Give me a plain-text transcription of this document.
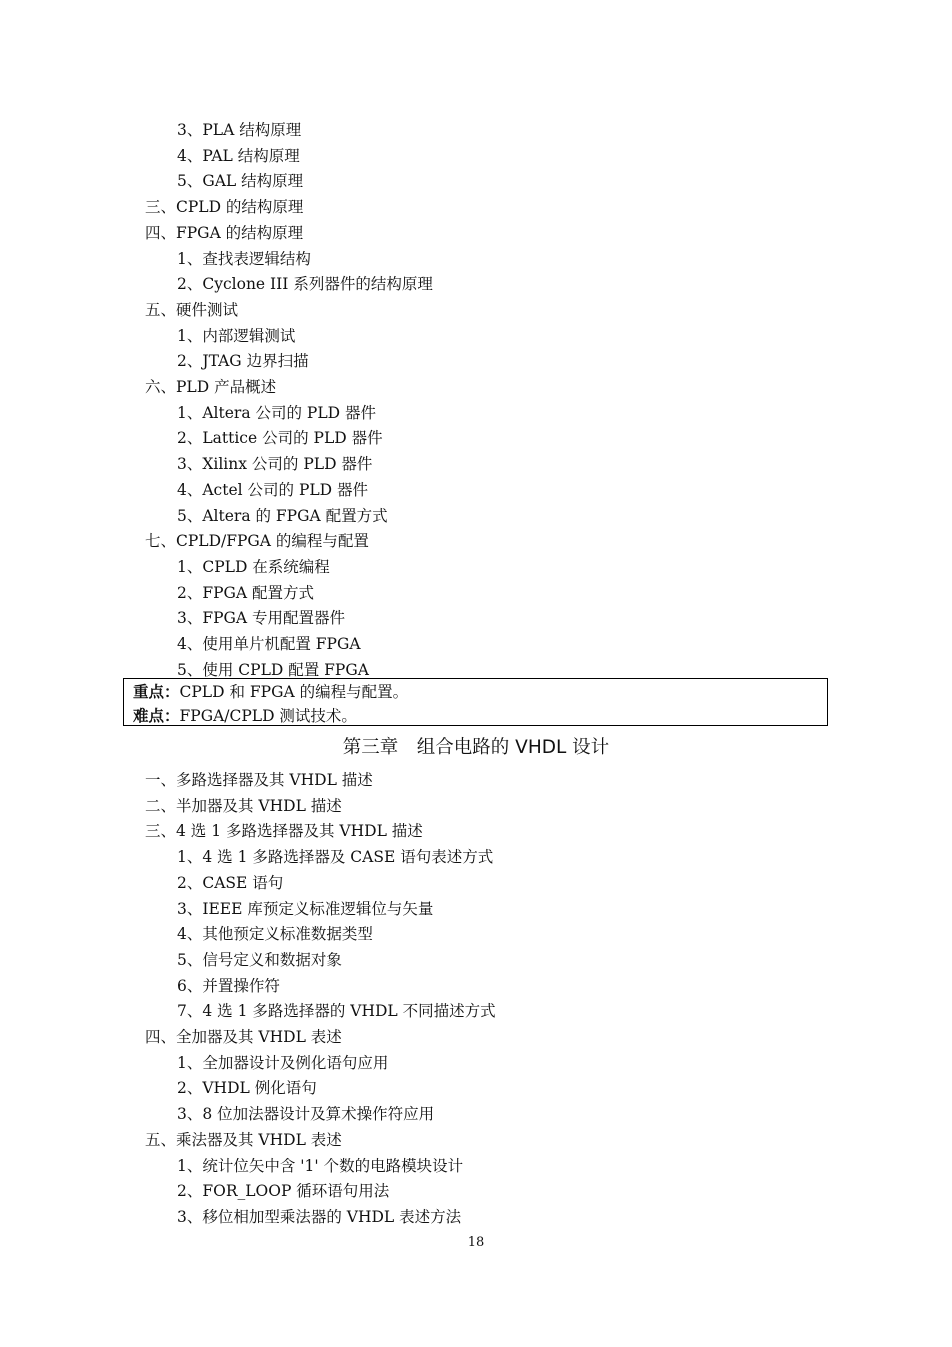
3、PLA 结构原理
4、PAL 结构原理
5、GAL 结构原理
三、CPLD 的结构原理
四、FPGA 的结构原理
1、查找表逻辑结构
2、Cyclone III 系列器件的结构原理
五、硬件测试
1、内部逻辑测试
2、JTAG 边界扫描
六、PLD 产品概述
1、Altera 公司的 PLD 器件
2、Lattice 公司的 PLD 器件
3、Xilinx 公司的 PLD 器件
4、Actel 公司的 PLD 器件
5、Altera 的 FPGA 配置方式
七、CPLD/FPGA 的编程与配置
1、CPLD 在系统编程
2、FPGA 配置方式
3、FPGA 专用配置器件
4、使用单片机配置 FPGA
5、使用 CPLD 配置 FPGA
重点：CPLD 和 FPGA 的编程与配置。
难点：FPGA/CPLD 测试技术。
第三章　组合电路的 VHDL 设计
一、多路选择器及其 VHDL 描述
二、半加器及其 VHDL 描述
三、4 选 1 多路选择器及其 VHDL 描述
1、4 选 1 多路选择器及 CASE 语句表述方式
2、CASE 语句
3、IEEE 库预定义标准逻辑位与矢量
4、其他预定义标准数据类型
5、信号定义和数据对象
6、并置操作符
7、4 选 1 多路选择器的 VHDL 不同描述方式
四、全加器及其 VHDL 表述
1、全加器设计及例化语句应用
2、VHDL 例化语句
3、8 位加法器设计及算术操作符应用
五、乘法器及其 VHDL 表述
1、统计位矢中含 '1' 个数的电路模块设计
2、FOR_LOOP 循环语句用法
3、移位相加型乘法器的 VHDL 表述方法
18
